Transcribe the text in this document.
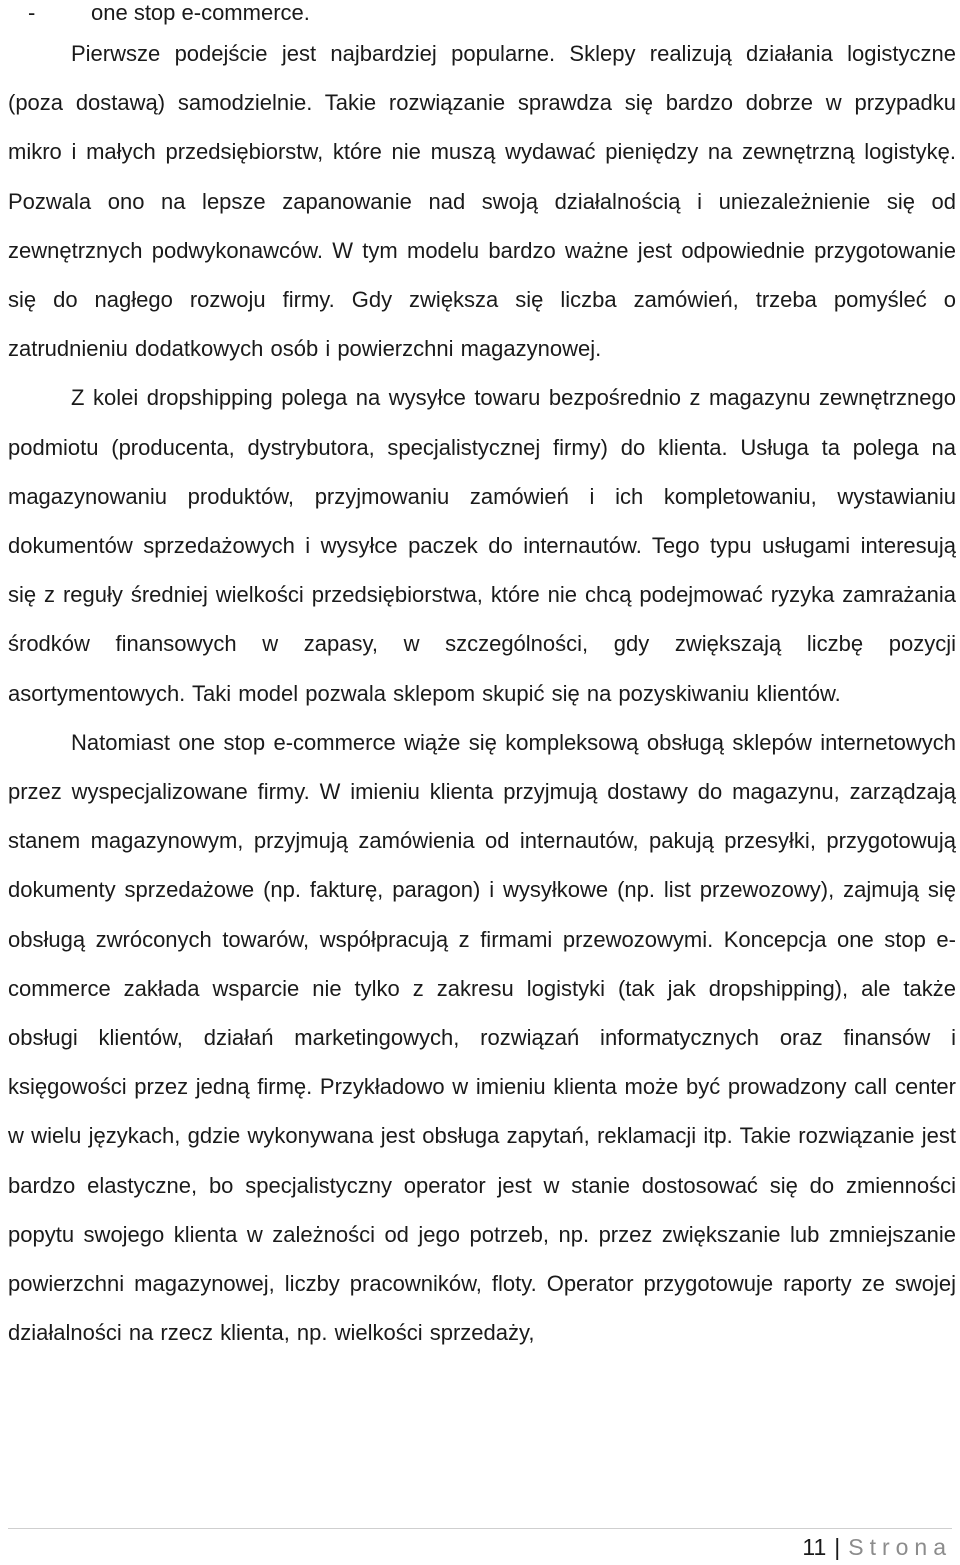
-	one stop e-commerce.

Pierwsze podejście jest najbardziej popularne. Sklepy realizują działania logistyczne (poza dostawą) samodzielnie. Takie rozwiązanie sprawdza się bardzo dobrze w przypadku mikro i małych przedsiębiorstw, które nie muszą wydawać pieniędzy na zewnętrzną logistykę. Pozwala ono na lepsze zapanowanie nad swoją działalnością i uniezależnienie się od zewnętrznych podwykonawców. W tym modelu bardzo ważne jest odpowiednie przygotowanie się do nagłego rozwoju firmy. Gdy zwiększa się liczba zamówień, trzeba pomyśleć o zatrudnieniu dodatkowych osób i powierzchni magazynowej.

Z kolei dropshipping polega na wysyłce towaru bezpośrednio z magazynu zewnętrznego podmiotu (producenta, dystrybutora, specjalistycznej firmy) do klienta. Usługa ta polega na magazynowaniu produktów, przyjmowaniu zamówień i ich kompletowaniu, wystawianiu dokumentów sprzedażowych i wysyłce paczek do internautów. Tego typu usługami interesują się z reguły średniej wielkości przedsiębiorstwa, które nie chcą podejmować ryzyka zamrażania środków finansowych w zapasy, w szczególności, gdy zwiększają liczbę pozycji asortymentowych. Taki model pozwala sklepom skupić się na pozyskiwaniu klientów.

Natomiast one stop e-commerce wiąże się kompleksową obsługą sklepów internetowych przez wyspecjalizowane firmy. W imieniu klienta przyjmują dostawy do magazynu, zarządzają stanem magazynowym, przyjmują zamówienia od internautów, pakują przesyłki, przygotowują dokumenty sprzedażowe (np. fakturę, paragon) i wysyłkowe (np. list przewozowy), zajmują się obsługą zwróconych towarów, współpracują z firmami przewozowymi. Koncepcja one stop e-commerce zakłada wsparcie nie tylko z zakresu logistyki (tak jak dropshipping), ale także obsługi klientów, działań marketingowych, rozwiązań informatycznych oraz finansów i księgowości przez jedną firmę. Przykładowo w imieniu klienta może być prowadzony call center w wielu językach, gdzie wykonywana jest obsługa zapytań, reklamacji itp. Takie rozwiązanie jest bardzo elastyczne, bo specjalistyczny operator jest w stanie dostosować się do zmienności popytu swojego klienta w zależności od jego potrzeb, np. przez zwiększanie lub zmniejszanie powierzchni magazynowej, liczby pracowników, floty. Operator przygotowuje raporty ze swojej działalności na rzecz klienta, np. wielkości sprzedaży,

11 | Strona
